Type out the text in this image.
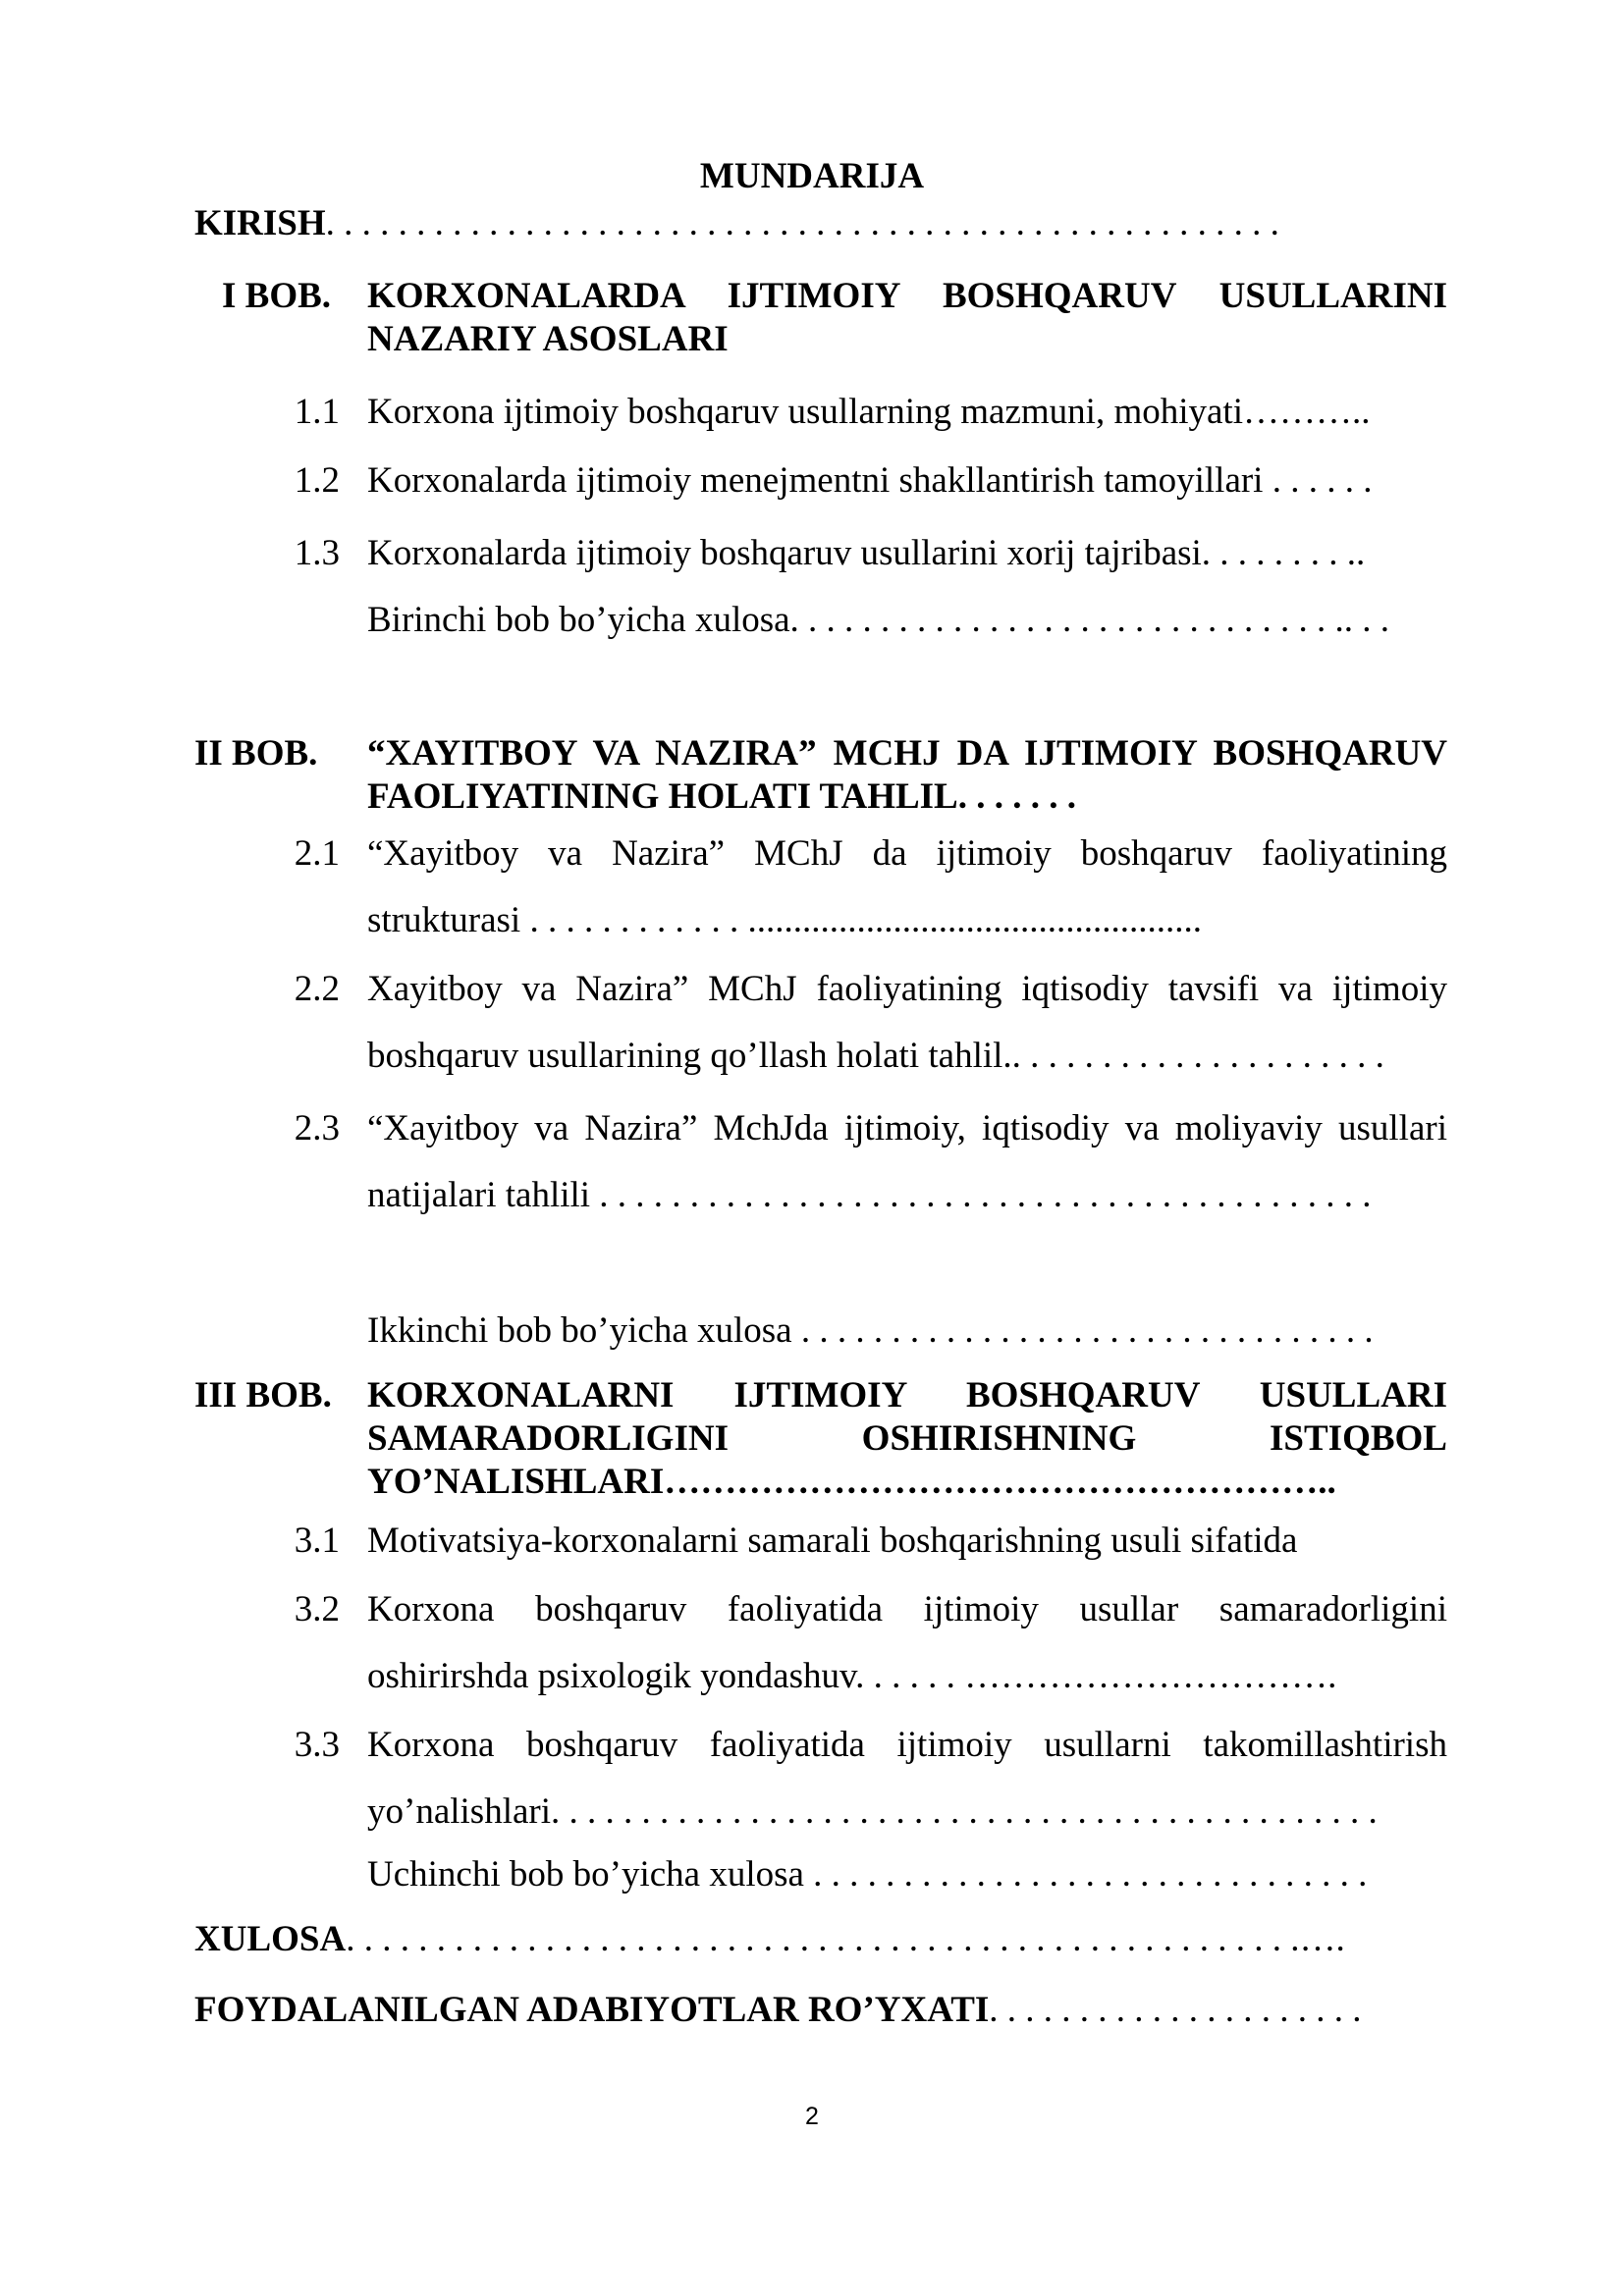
MUNDARIJA
KIRISH. . . . . . . . . . . . . . . . . . . . . . . . . . . . . . . . . . . . . . . . . . . . . . . . . . . . .
I BOB. KORXONALARDA IJTIMOIY BOSHQARUV USULLARINI NAZARIY ASOSLARI
1.1 Korxona ijtimoiy boshqaruv usullarning mazmuni, mohiyati………..
1.2 Korxonalarda ijtimoiy menejmentni shakllantirish tamoyillari . . . . . .
1.3 Korxonalarda ijtimoiy boshqaruv usullarini xorij tajribasi. . . . . . . . ..
Birinchi bob bo’yicha xulosa. . . . . . . . . . . . . . . . . . . . . . . . . . . . . . .. . .
II BOB. “XAYITBOY VA NAZIRA” MCHJ DA IJTIMOIY BOSHQARUV FAOLIYATINING HOLATI TAHLIL. . . . . . .
2.1 “Xayitboy va Nazira” MChJ da ijtimoiy boshqaruv faoliyatining strukturasi . . . . . . . . . . . . ..................................................
2.2 Xayitboy va Nazira” MChJ faoliyatining iqtisodiy tavsifi va ijtimoiy boshqaruv usullarining qo’llash holati tahlil.. . . . . . . . . . . . . . . . . . . . .
2.3 “Xayitboy va Nazira” MchJda ijtimoiy, iqtisodiy va moliyaviy usullari natijalari tahlili . . . . . . . . . . . . . . . . . . . . . . . . . . . . . . . . . . . . . . . . . . .
Ikkinchi bob bo’yicha xulosa . . . . . . . . . . . . . . . . . . . . . . . . . . . . . . . .
III BOB. KORXONALARNI IJTIMOIY BOSHQARUV USULLARI SAMARADORLIGINI OSHIRISHNING ISTIQBOL YO’NALISHLARI………………………………………………..
3.1 Motivatsiya-korxonalarni samarali boshqarishning usuli sifatida
3.2 Korxona boshqaruv faoliyatida ijtimoiy usullar samaradorligini oshirirshda psixologik yondashuv. . . . . . ………………………….
3.3 Korxona boshqaruv faoliyatida ijtimoiy usullarni takomillashtirish yo’nalishlari. . . . . . . . . . . . . . . . . . . . . . . . . . . . . . . . . . . . . . . . . . . . . .
Uchinchi bob bo’yicha xulosa . . . . . . . . . . . . . . . . . . . . . . . . . . . . . . .
XULOSA. . . . . . . . . . . . . . . . . . . . . . . . . . . . . . . . . . . . . . . . . . . . . . . . . . . . .….
FOYDALANILGAN ADABIYOTLAR RO’YXATI. . . . . . . . . . . . . . . . . . . . .
2
